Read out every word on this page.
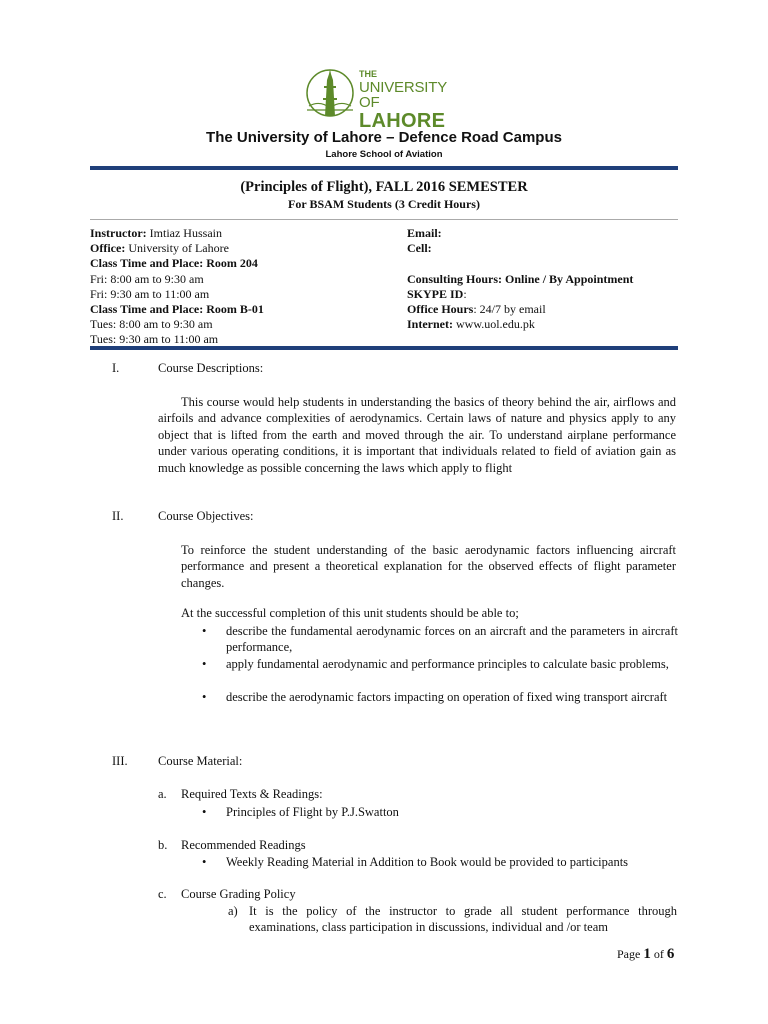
THE
UNIVERSITY OF
LAHORE
The University of Lahore – Defence Road Campus
Lahore School of Aviation
(Principles of Flight), FALL 2016 SEMESTER
For BSAM Students (3 Credit Hours)
Instructor: Imtiaz Hussain
Office: University of Lahore
Class Time and Place: Room 204
Fri: 8:00 am to 9:30 am
Fri: 9:30 am to 11:00 am
Class Time and Place: Room B-01
Tues: 8:00 am to 9:30 am
Tues: 9:30 am to 11:00 am
Email:
Cell:

Consulting Hours: Online / By Appointment
SKYPE ID:
Office Hours: 24/7 by email
Internet: www.uol.edu.pk
I.	Course Descriptions:
This course would help students in understanding the basics of theory behind the air, airflows and airfoils and advance complexities of aerodynamics. Certain laws of nature and physics apply to any object that is lifted from the earth and moved through the air. To understand airplane performance under various operating conditions, it is important that individuals related to field of aviation gain as much knowledge as possible concerning the laws which apply to flight
II.	Course Objectives:
To reinforce the student understanding of the basic aerodynamic factors influencing aircraft performance and present a theoretical explanation for the observed effects of flight parameter changes.
At the successful completion of this unit students should be able to;
• describe the fundamental aerodynamic forces on an aircraft and the parameters in aircraft performance,
• apply fundamental aerodynamic and performance principles to calculate basic problems,
• describe the aerodynamic factors impacting on operation of fixed wing transport aircraft
III. Course Material:
a. Required Texts & Readings:
• Principles of Flight by P.J.Swatton
b. Recommended Readings
• Weekly Reading Material in Addition to Book would be provided to participants
c. Course Grading Policy
a) It is the policy of the instructor to grade all student performance through examinations, class participation in discussions, individual and /or team
Page 1 of 6
